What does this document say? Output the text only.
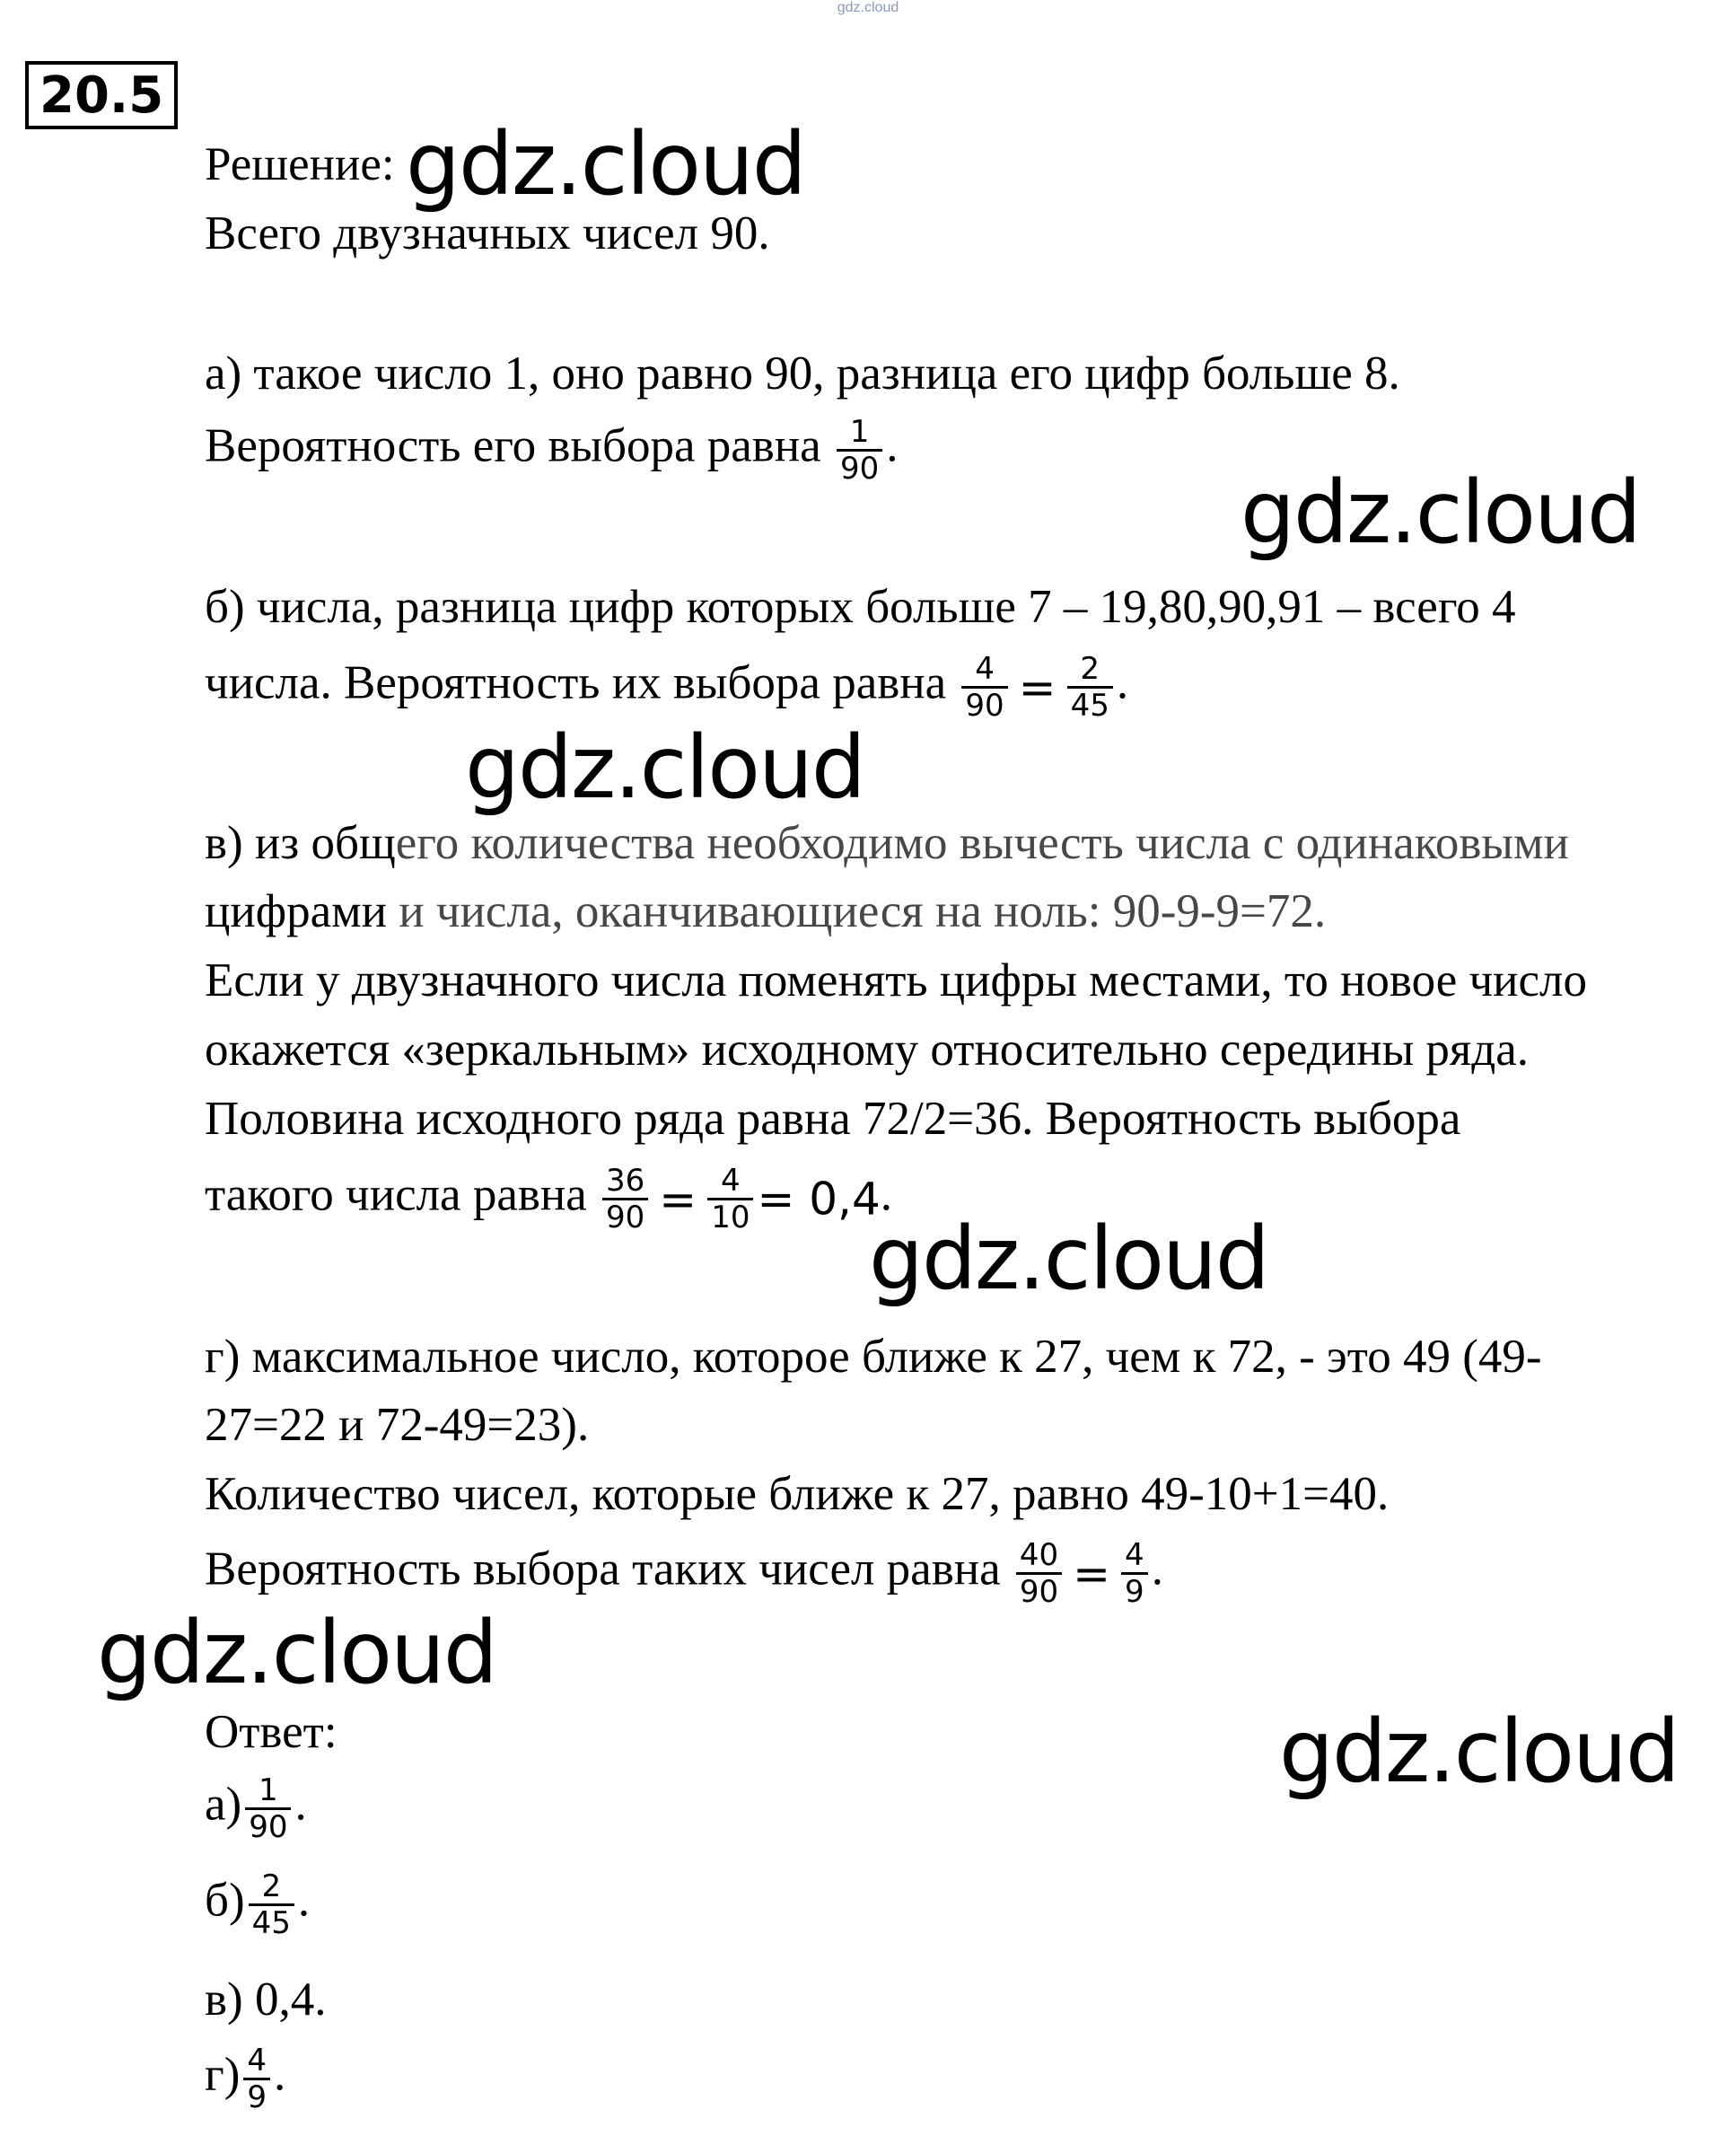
gdz.cloud
20.5
Решение:
Всего двузначных чисел 90.
а) такое число 1, оно равно 90, разница его цифр больше 8.
Вероятность его выбора равна $\frac{1}{90}$ .
б) числа, разница цифр которых больше 7 – 19,80,90,91 – всего 4
числа. Вероятность их выбора равна $\frac{4}{90} = \frac{2}{45}$ .
в) из общего количества необходимо вычесть числа с одинаковыми
цифрами и числа, оканчивающиеся на ноль: 90-9-9=72.
Если у двузначного числа поменять цифры местами, то новое число
окажется «зеркальным» исходному относительно середины ряда.
Половина исходного ряда равна 72/2=36. Вероятность выбора
такого числа равна $\frac{36}{90} = \frac{4}{10} = 0,4$.
г) максимальное число, которое ближе к 27, чем к 72, - это 49 (49-
27=22 и 72-49=23).
Количество чисел, которые ближе к 27, равно 49-10+1=40.
Вероятность выбора таких чисел равна $\frac{40}{90} = \frac{4}{9}$ .
Ответ:
$а) \frac{1}{90}$ .
$б) \frac{2}{45}$ .
в) 0,4.
$г) \frac{4}{9}$ .
gdz.cloud
gdz.cloud
gdz.cloud
gdz.cloud
gdz.cloud
gdz.cloud
